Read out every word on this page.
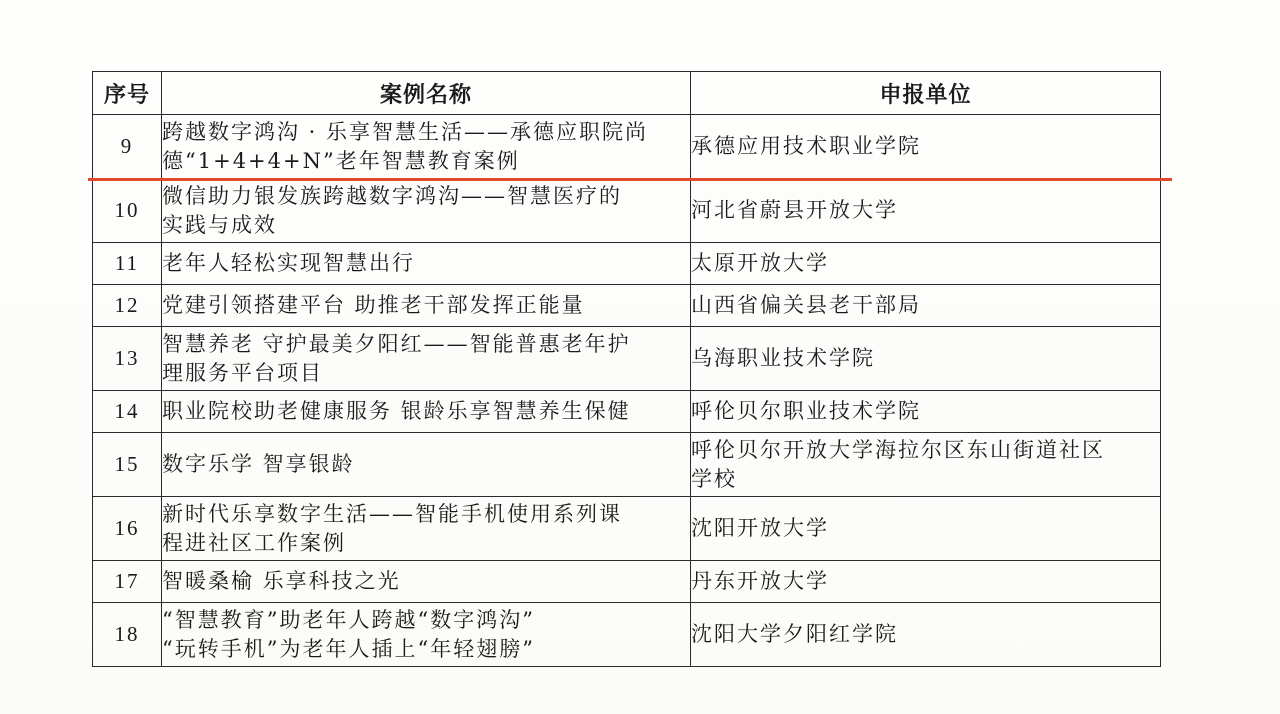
序号	案例名称	申报单位
9	跨越数字鸿沟 · 乐享智慧生活——承德应职院尚
德“1+4+4+N”老年智慧教育案例	承德应用技术职业学院

10	微信助力银发族跨越数字鸿沟——智慧医疗的
实践与成效	河北省蔚县开放大学

11	老年人轻松实现智慧出行	太原开放大学

12	党建引领搭建平台 助推老干部发挥正能量	山西省偏关县老干部局

13	智慧养老 守护最美夕阳红——智能普惠老年护
理服务平台项目	乌海职业技术学院

14	职业院校助老健康服务 银龄乐享智慧养生保健	呼伦贝尔职业技术学院

15	数字乐学 智享银龄	呼伦贝尔开放大学海拉尔区东山街道社区
学校

16	新时代乐享数字生活——智能手机使用系列课
程进社区工作案例	沈阳开放大学

17	智暖桑榆 乐享科技之光	丹东开放大学

18	“智慧教育”助老年人跨越“数字鸿沟”
“玩转手机”为老年人插上“年轻翅膀”	沈阳大学夕阳红学院
